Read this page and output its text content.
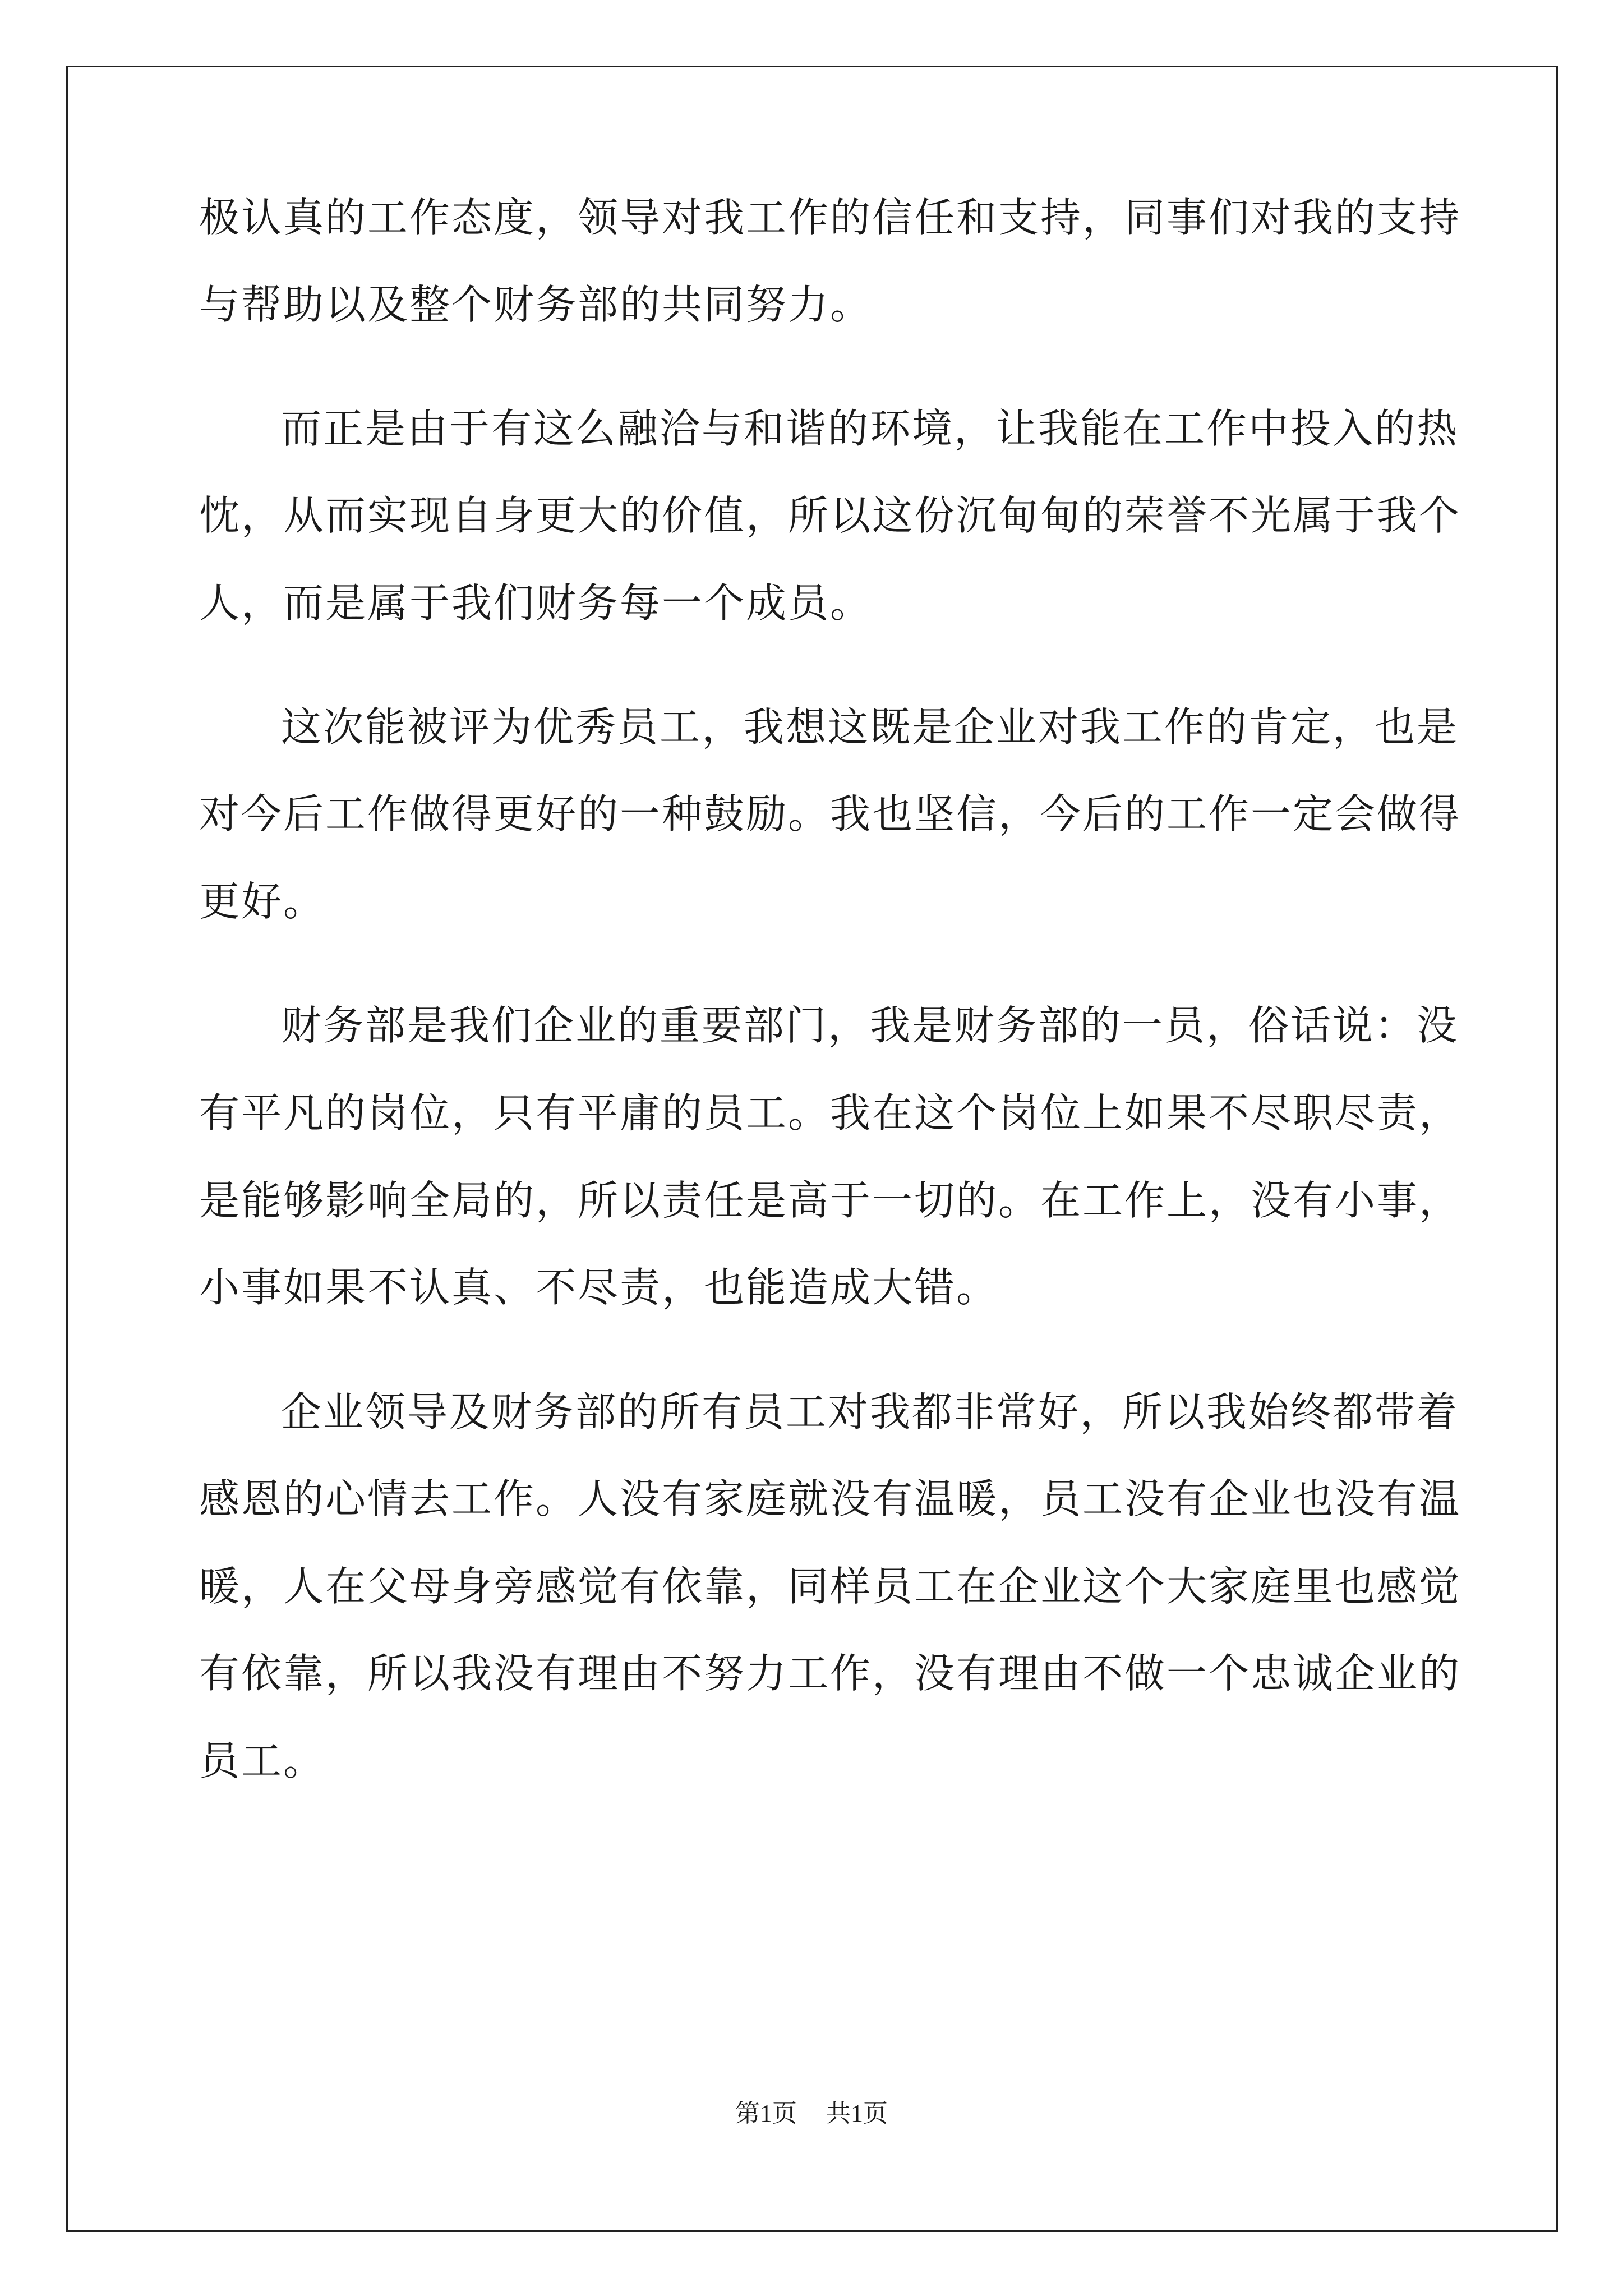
极认真的工作态度，领导对我工作的信任和支持，同事们对我的支持
与帮助以及整个财务部的共同努力。
而正是由于有这么融洽与和谐的环境，让我能在工作中投入的热
忱，从而实现自身更大的价值，所以这份沉甸甸的荣誉不光属于我个
人，而是属于我们财务每一个成员。
这次能被评为优秀员工，我想这既是企业对我工作的肯定，也是
对今后工作做得更好的一种鼓励。我也坚信，今后的工作一定会做得
更好。
财务部是我们企业的重要部门，我是财务部的一员，俗话说：没
有平凡的岗位，只有平庸的员工。我在这个岗位上如果不尽职尽责，
是能够影响全局的，所以责任是高于一切的。在工作上，没有小事，
小事如果不认真、不尽责，也能造成大错。
企业领导及财务部的所有员工对我都非常好，所以我始终都带着
感恩的心情去工作。人没有家庭就没有温暖，员工没有企业也没有温
暖，人在父母身旁感觉有依靠，同样员工在企业这个大家庭里也感觉
有依靠，所以我没有理由不努力工作，没有理由不做一个忠诚企业的
员工。
第1页 共1页
